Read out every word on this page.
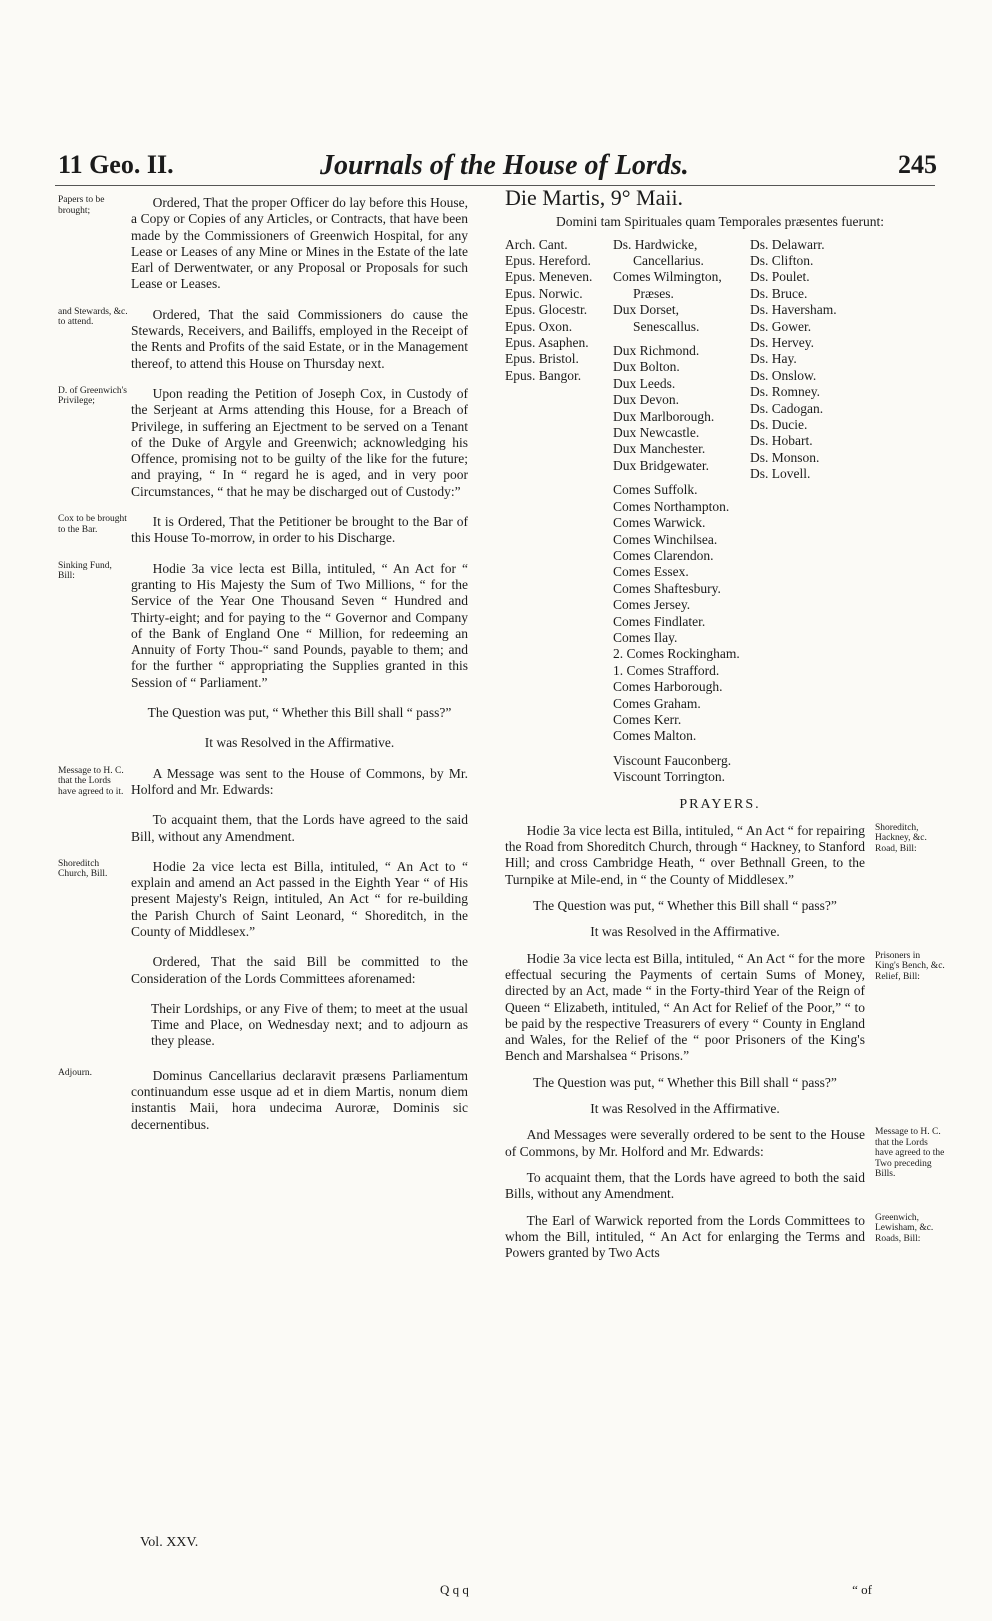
11 Geo. II.	Journals of the House of Lords.	245
Papers to be brought;
Ordered, That the proper Officer do lay before this House, a Copy or Copies of any Articles, or Contracts, that have been made by the Commissioners of Greenwich Hospital, for any Lease or Leases of any Mine or Mines in the Estate of the late Earl of Derwentwater, or any Proposal or Proposals for such Lease or Leases.
and Stewards, &c. to attend.
Ordered, That the said Commissioners do cause the Stewards, Receivers, and Bailiffs, employed in the Receipt of the Rents and Profits of the said Estate, or in the Management thereof, to attend this House on Thursday next.
D. of Greenwich's Privilege;
Upon reading the Petition of Joseph Cox, in Custody of the Serjeant at Arms attending this House, for a Breach of Privilege, in suffering an Ejectment to be served on a Tenant of the Duke of Argyle and Greenwich; acknowledging his Offence, promising not to be guilty of the like for the future; and praying, “ In “ regard he is aged, and in very poor Circumstances, “ that he may be discharged out of Custody:”
Cox to be brought to the Bar.
It is Ordered, That the Petitioner be brought to the Bar of this House To-morrow, in order to his Discharge.
Sinking Fund, Bill:
Hodie 3a vice lecta est Billa, intituled, “ An Act for “ granting to His Majesty the Sum of Two Millions, “ for the Service of the Year One Thousand Seven “ Hundred and Thirty-eight; and for paying to the “ Governor and Company of the Bank of England One “ Million, for redeeming an Annuity of Forty Thou-“ sand Pounds, payable to them; and for the further “ appropriating the Supplies granted in this Session of “ Parliament.”
The Question was put, “ Whether this Bill shall “ pass?”
It was Resolved in the Affirmative.
Message to H. C. that the Lords have agreed to it.
A Message was sent to the House of Commons, by Mr. Holford and Mr. Edwards:
To acquaint them, that the Lords have agreed to the said Bill, without any Amendment.
Shoreditch Church, Bill.
Hodie 2a vice lecta est Billa, intituled, “ An Act to “ explain and amend an Act passed in the Eighth Year “ of His present Majesty's Reign, intituled, An Act “ for re-building the Parish Church of Saint Leonard, “ Shoreditch, in the County of Middlesex.”
Ordered, That the said Bill be committed to the Consideration of the Lords Committees aforenamed:
Their Lordships, or any Five of them; to meet at the usual Time and Place, on Wednesday next; and to adjourn as they please.
Adjourn.	Dominus Cancellarius declaravit præsens Parliamentum continuandum esse usque ad et in diem Martis, nonum diem instantis Maii, hora undecima Auroræ, Dominis sic decernentibus.
Die Martis, 9° Maii.
Domini tam Spirituales quam Temporales præsentes fuerunt:
Arch. Cant.
Epus. Hereford.
Epus. Meneven.
Epus. Norwic.
Epus. Glocestr.
Epus. Oxon.
Epus. Asaphen.
Epus. Bristol.
Epus. Bangor.
Ds. Hardwicke,
Cancellarius.
Comes Wilmington,
Præses.
Dux Dorset,
Senescallus.
Dux Richmond.
Dux Bolton.
Dux Leeds.
Dux Devon.
Dux Marlborough.
Dux Newcastle.
Dux Manchester.
Dux Bridgewater.
Comes Suffolk.
Comes Northampton.
Comes Warwick.
Comes Winchilsea.
Comes Clarendon.
Comes Essex.
Comes Shaftesbury.
Comes Jersey.
Comes Findlater.
Comes Ilay.
2. Comes Rockingham.
1. Comes Strafford.
Comes Harborough.
Comes Graham.
Comes Kerr.
Comes Malton.
Viscount Fauconberg.
Viscount Torrington.
Ds. Delawarr.
Ds. Clifton.
Ds. Poulet.
Ds. Bruce.
Ds. Haversham.
Ds. Gower.
Ds. Hervey.
Ds. Hay.
Ds. Onslow.
Ds. Romney.
Ds. Cadogan.
Ds. Ducie.
Ds. Hobart.
Ds. Monson.
Ds. Lovell.
PRAYERS.
Shoreditch, Hackney, &c. Road, Bill:
Hodie 3a vice lecta est Billa, intituled, “ An Act “ for repairing the Road from Shoreditch Church, through “ Hackney, to Stanford Hill; and cross Cambridge Heath, “ over Bethnall Green, to the Turnpike at Mile-end, in “ the County of Middlesex.”
The Question was put, “ Whether this Bill shall “ pass?”
It was Resolved in the Affirmative.
Prisoners in King's Bench, &c. Relief, Bill:
Hodie 3a vice lecta est Billa, intituled, “ An Act “ for the more effectual securing the Payments of certain Sums of Money, directed by an Act, made “ in the Forty-third Year of the Reign of Queen “ Elizabeth, intituled, “ An Act for Relief of the Poor,” “ to be paid by the respective Treasurers of every “ County in England and Wales, for the Relief of the “ poor Prisoners of the King's Bench and Marshalsea “ Prisons.”
The Question was put, “ Whether this Bill shall “ pass?”
It was Resolved in the Affirmative.
Message to H. C. that the Lords have agreed to the Two preceding Bills.
And Messages were severally ordered to be sent to the House of Commons, by Mr. Holford and Mr. Edwards:
To acquaint them, that the Lords have agreed to both the said Bills, without any Amendment.
Greenwich, Lewisham, &c. Roads, Bill:
The Earl of Warwick reported from the Lords Committees to whom the Bill, intituled, “ An Act for enlarging the Terms and Powers granted by Two Acts
Vol. XXV.
Q q q	“ of
